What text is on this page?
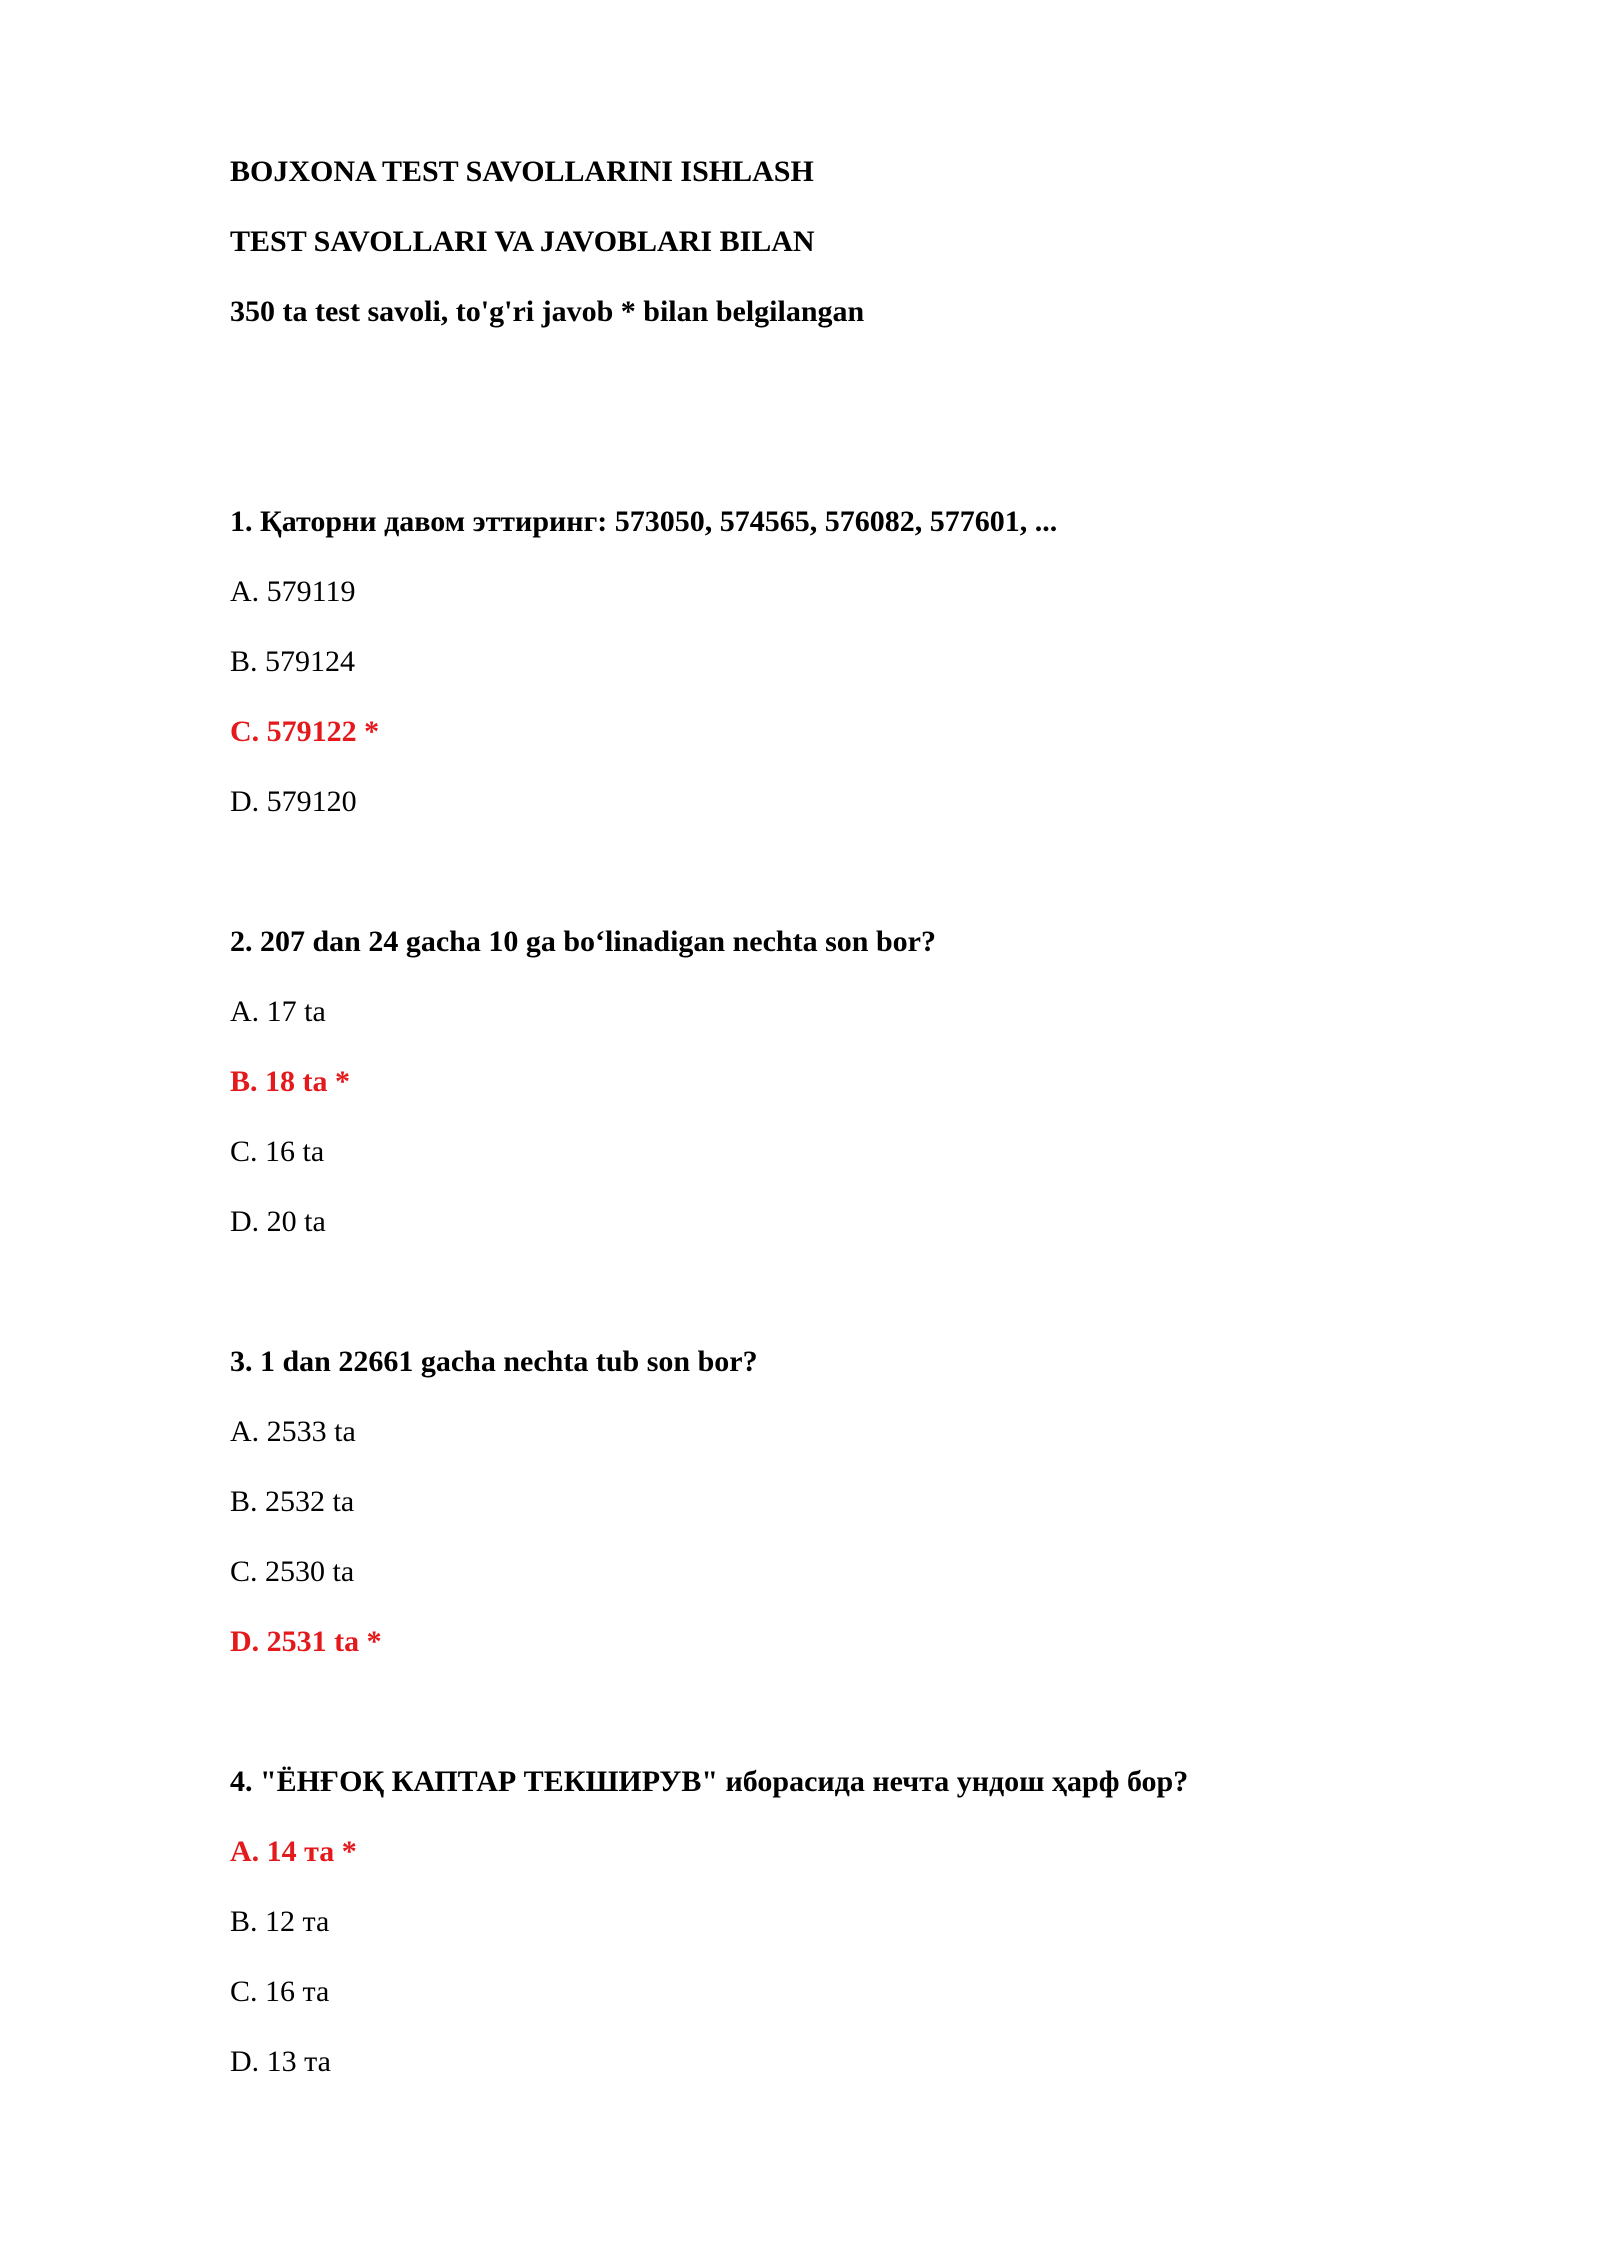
BOJXONA TEST SAVOLLARINI ISHLASH

TEST SAVOLLARI VA JAVOBLARI BILAN

350 ta test savoli, to'g'ri javob * bilan belgilangan

1. Қаторни давом эттиринг: 573050, 574565, 576082, 577601, ...

A. 579119

B. 579124

C. 579122 *

D. 579120

2. 207 dan 24 gacha 10 ga bo‘linadigan nechta son bor?

A. 17 ta

B. 18 ta *

C. 16 ta

D. 20 ta

3. 1 dan 22661 gacha nechta tub son bor?

A. 2533 ta

B. 2532 ta

C. 2530 ta

D. 2531 ta *

4. "ЁНҒОҚ КАПТАР ТЕКШИРУВ" иборасида нечта ундош ҳарф бор?

A. 14 та *

B. 12 та

C. 16 та

D. 13 та
